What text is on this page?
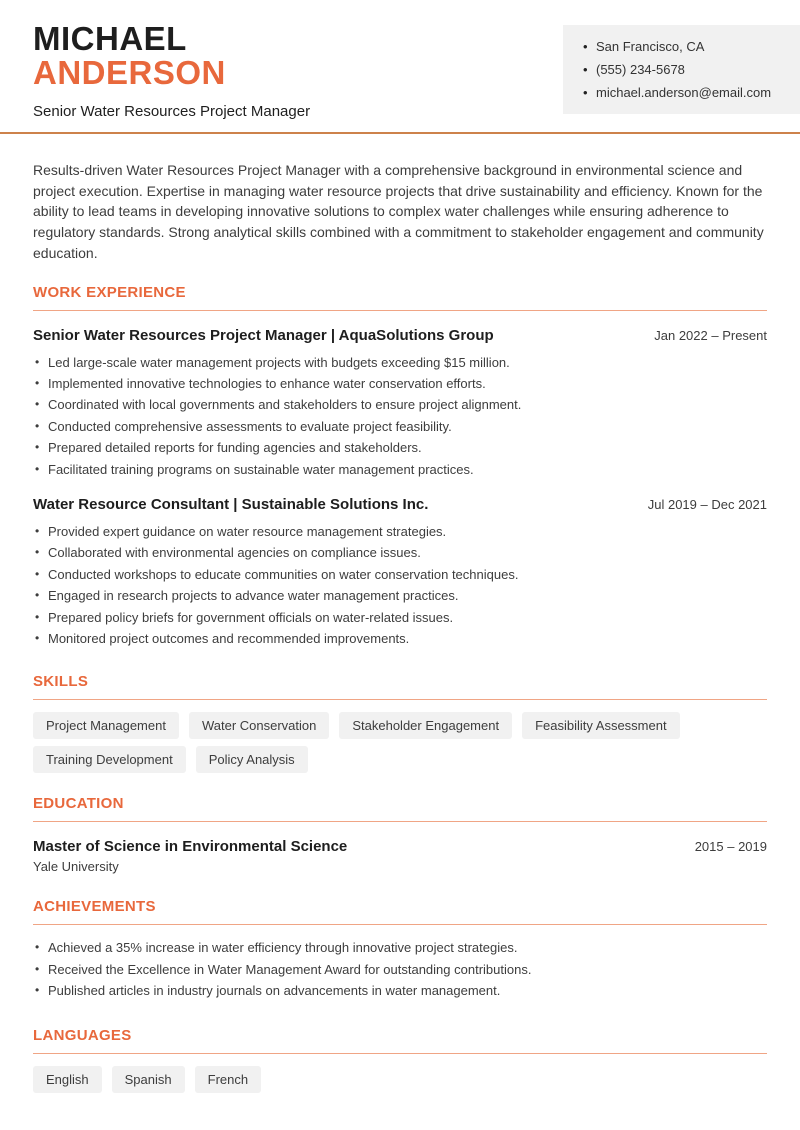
MICHAEL
ANDERSON
Senior Water Resources Project Manager
• San Francisco, CA
• (555) 234-5678
• michael.anderson@email.com

Results-driven Water Resources Project Manager with a comprehensive background in environmental science and project execution. Expertise in managing water resource projects that drive sustainability and efficiency. Known for the ability to lead teams in developing innovative solutions to complex water challenges while ensuring adherence to regulatory standards. Strong analytical skills combined with a commitment to stakeholder engagement and community education.

WORK EXPERIENCE
Senior Water Resources Project Manager | AquaSolutions Group	Jan 2022 – Present
• Led large-scale water management projects with budgets exceeding $15 million.
• Implemented innovative technologies to enhance water conservation efforts.
• Coordinated with local governments and stakeholders to ensure project alignment.
• Conducted comprehensive assessments to evaluate project feasibility.
• Prepared detailed reports for funding agencies and stakeholders.
• Facilitated training programs on sustainable water management practices.
Water Resource Consultant | Sustainable Solutions Inc.	Jul 2019 – Dec 2021
• Provided expert guidance on water resource management strategies.
• Collaborated with environmental agencies on compliance issues.
• Conducted workshops to educate communities on water conservation techniques.
• Engaged in research projects to advance water management practices.
• Prepared policy briefs for government officials on water-related issues.
• Monitored project outcomes and recommended improvements.
SKILLS
Project Management	Water Conservation	Stakeholder Engagement	Feasibility Assessment
Training Development	Policy Analysis
EDUCATION
Master of Science in Environmental Science	2015 – 2019

Yale University

ACHIEVEMENTS
• Achieved a 35% increase in water efficiency through innovative project strategies.
• Received the Excellence in Water Management Award for outstanding contributions.
• Published articles in industry journals on advancements in water management.
LANGUAGES
English	Spanish	French
